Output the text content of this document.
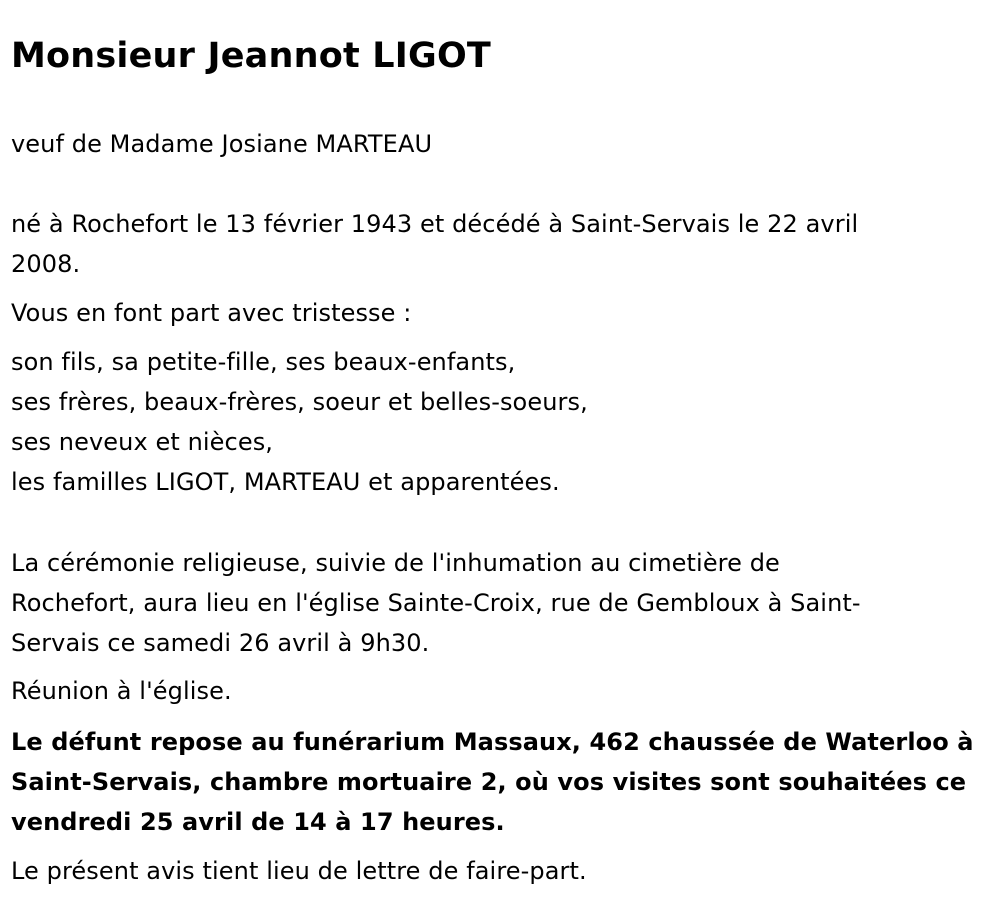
Monsieur Jeannot LIGOT

veuf de Madame Josiane MARTEAU

né à Rochefort le 13 février 1943 et décédé à Saint-Servais le 22 avril
2008.

Vous en font part avec tristesse :

son fils, sa petite-fille, ses beaux-enfants,
ses frères, beaux-frères, soeur et belles-soeurs,
ses neveux et nièces,
les familles LIGOT, MARTEAU et apparentées.

La cérémonie religieuse, suivie de l'inhumation au cimetière de
Rochefort, aura lieu en l'église Sainte-Croix, rue de Gembloux à Saint-
Servais ce samedi 26 avril à 9h30.

Réunion à l'église.

Le défunt repose au funérarium Massaux, 462 chaussée de Waterloo à
Saint-Servais, chambre mortuaire 2, où vos visites sont souhaitées ce
vendredi 25 avril de 14 à 17 heures.

Le présent avis tient lieu de lettre de faire-part.
